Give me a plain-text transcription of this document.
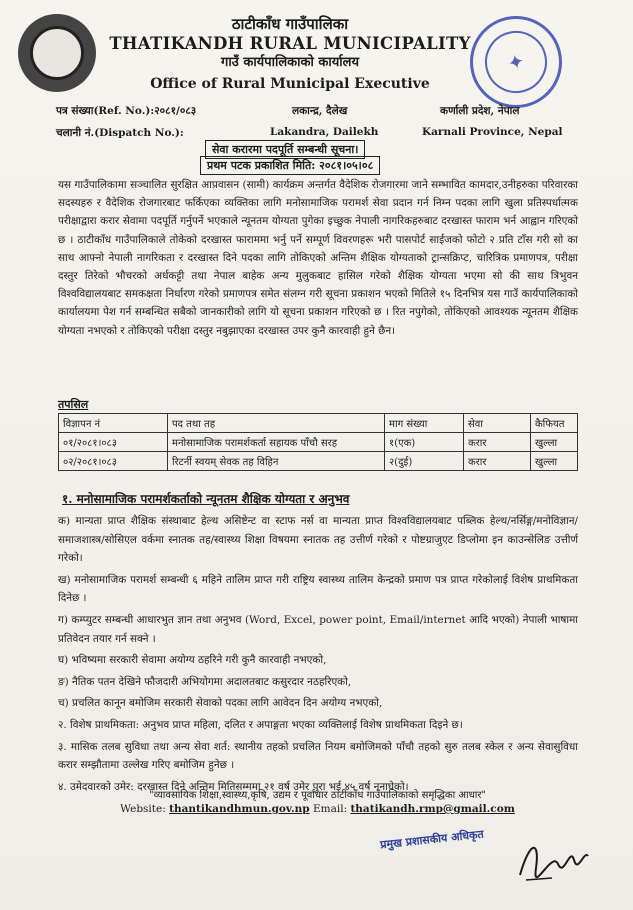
✦
ठाटीकाँध गाउँपालिका
THATIKANDH RURAL MUNICIPALITY
गाउँ कार्यपालिकाको कार्यालय
Office of Rural Municipal Executive
पत्र संख्या(Ref. No.):२०८१/०८३	लकान्द्र, दैलेख	कर्णाली प्रदेश, नेपाल
चलानी नं.(Dispatch No.):	Lakandra, Dailekh	Karnali Province, Nepal
सेवा करारमा पदपूर्ति सम्बन्धी सूचना।
प्रथम पटक प्रकाशित मिति: २०८१।०५।०८
यस गाउँपालिकामा सञ्चालित सुरक्षित आप्रवासन (सामी) कार्यक्रम अन्तर्गत वैदेशिक रोजगारमा जाने सम्भावित कामदार,उनीहरुका परिवारका सदस्यहरु र वैदेशिक रोजगारबाट फर्किएका व्यक्तिका लागि मनोसामाजिक परामर्श सेवा प्रदान गर्न निम्न पदका लागि खुला प्रतिस्पर्धात्मक परीक्षाद्वारा करार सेवामा पदपूर्ति गर्नुपर्ने भएकाले न्यूनतम योग्यता पुगेका इच्छुक नेपाली नागरिकहरुबाट दरखास्त फाराम भर्न आह्वान गरिएको छ । ठाटीकाँध गाउँपालिकाले तोकेको दरखास्त फाराममा भर्नु पर्ने सम्पूर्ण विवरणहरू भरी पासपोर्ट साईजको फोटो २ प्रति टाँस गरी सो का साथ आफ्नो नेपाली नागरिकता र दरखास्त दिने पदका लागि तोकिएको अन्तिम शैक्षिक योग्यताको ट्रान्सक्रिप्ट, चारित्रिक प्रमाणपत्र, परीक्षा दस्तुर तिरेको भौचरको अर्धकट्टी तथा नेपाल बाहेक अन्य मुलुकबाट हासिल गरेको शैक्षिक योग्यता भएमा सो की साथ त्रिभुवन विश्वविद्यालयबाट समकक्षता निर्धारण गरेको प्रमाणपत्र समेत संलग्न गरी सूचना प्रकाशन भएको मितिले १५ दिनभित्र यस गाउँ कार्यपालिकाको कार्यालयमा पेश गर्न सम्बन्धित सबैको जानकारीको लागि यो सूचना प्रकाशन गरिएको छ । रित नपुगेको, तोकिएको आवश्यक न्यूनतम शैक्षिक योग्यता नभएको र तोकिएको परीक्षा दस्तुर नबुझाएका दरखास्त उपर कुनै कारवाही हुने छैन।
तपसिल
विज्ञापन नं	पद तथा तह	माग संख्या	सेवा	कैफियत
०१/२०८१।०८३	मनोसामाजिक परामर्शकर्ता सहायक पाँचौ सरह	१(एक)	करार	खुल्ला
०२/२०८१।०८३	रिटर्नी स्वयम् सेवक तह विहिन	२(दुई)	करार	खुल्ला
१. मनोसामाजिक परामर्शकर्ताको न्यूनतम शैक्षिक योग्यता र अनुभव

क) मान्यता प्राप्त शैक्षिक संस्थाबाट हेल्थ असिष्टेन्ट वा स्टाफ नर्स वा मान्यता प्राप्त विश्वविद्यालयबाट पब्लिक हेल्थ/नर्सिङ्ग/मनोविज्ञान/समाजशास्त्र/सोसिएल वर्कमा स्नातक तह/स्वास्थ्य शिक्षा विषयमा स्नातक तह उत्तीर्ण गरेको र पोष्टग्राजुएट डिप्लोमा इन काउन्सेलिङ उत्तीर्ण गरेको।

ख) मनोसामाजिक परामर्श सम्बन्धी ६ महिने तालिम प्राप्त गरी राष्ट्रिय स्वास्थ्य तालिम केन्द्रको प्रमाण पत्र प्राप्त गरेकोलाई विशेष प्राथमिकता दिनेछ ।

ग) कम्प्युटर सम्बन्धी आधारभुत ज्ञान तथा अनुभव (Word, Excel, power point, Email/internet आदि भएको) नेपाली भाषामा प्रतिवेदन तयार गर्न सक्ने ।

घ) भविष्यमा सरकारी सेवामा अयोग्य ठहरिने गरी कुनै कारवाही नभएको,

ङ) नैतिक पतन देखिने फौजदारी अभियोगमा अदालतबाट कसुरदार नठहरिएको,

च) प्रचलित कानून बमोजिम सरकारी सेवाको पदका लागि आवेदन दिन अयोग्य नभएको,

२. विशेष प्राथमिकता: अनुभव प्राप्त महिला, दलित र अपाङ्गता भएका व्यक्तिलाई विशेष प्राथमिकता दिइने छ।

३. मासिक तलब सुविधा तथा अन्य सेवा शर्त: स्थानीय तहको प्रचलित नियम बमोजिमको पाँचौ तहको सुरु तलब स्केल र अन्य सेवासुविधा करार सम्झौतामा उल्लेख गरिए बमोजिम हुनेछ ।

४. उमेदवारको उमेर: दरखास्त दिने अन्तिम मितिसम्ममा २१ वर्ष उमेर पुरा भई ४५ वर्ष ननाघेको।

"व्यावसायिक शिक्षा,स्वास्थ्य,कृषि, उद्यम र पूर्वाधार ठाटीकाँध गाउँपालिकाको समृद्धिका आधार"
Website: thantikandhmun.gov.np Email: thatikandh.rmp@gmail.com
प्रमुख प्रशासकीय अधिकृत
